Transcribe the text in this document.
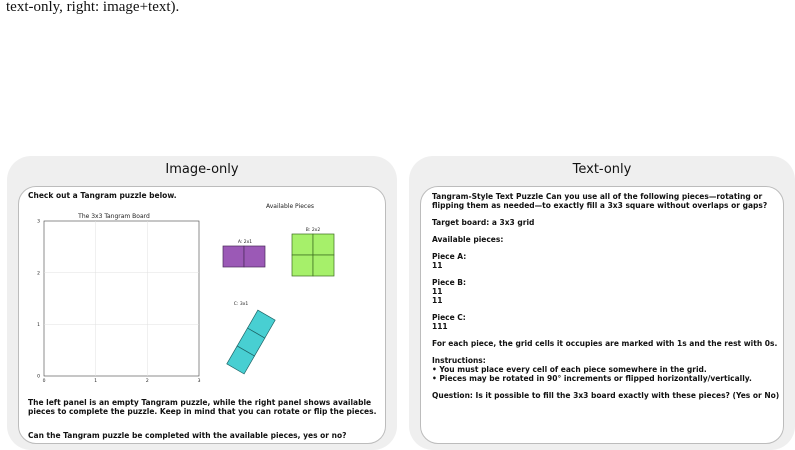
text-only, right: image+text).
Image-only

Check out a Tangram puzzle below.

The 3x3 Tangram Board
0	1	2	3
0
1
2
3
Available Pieces
A: 2x1
B: 2x2
C: 3x1

The left panel is an empty Tangram puzzle, while the right panel shows available pieces to complete the puzzle. Keep in mind that you can rotate or flip the pieces.

Can the Tangram puzzle be completed with the available pieces, yes or no?

Text-only

Tangram-Style Text Puzzle Can you use all of the following pieces—rotating or flipping them as needed—to exactly fill a 3x3 square without overlaps or gaps?

Target board: a 3x3 grid

Available pieces:

Piece A:
11

Piece B:
11
11

Piece C:
111

For each piece, the grid cells it occupies are marked with 1s and the rest with 0s.

Instructions:
• You must place every cell of each piece somewhere in the grid.
• Pieces may be rotated in 90° increments or flipped horizontally/vertically.

Question: Is it possible to fill the 3x3 board exactly with these pieces? (Yes or No)
